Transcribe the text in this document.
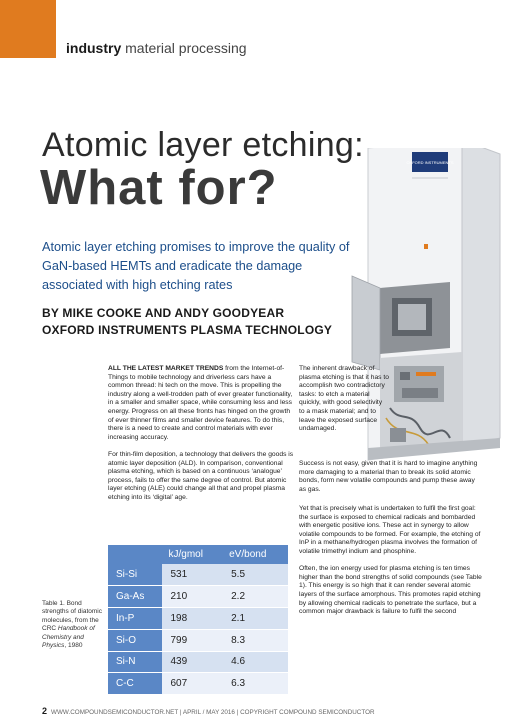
industry material processing
Atomic layer etching:
What for?
Atomic layer etching promises to improve the quality of GaN-based HEMTs and eradicate the damage associated with high etching rates
BY MIKE COOKE AND ANDY GOODYEAR
OXFORD INSTRUMENTS PLASMA TECHNOLOGY
OXFORD INSTRUMENTS

ALL THE LATEST MARKET TRENDS from the Internet-of-Things to mobile technology and driverless cars have a common thread: hi tech on the move. This is propelling the industry along a well-trodden path of ever greater functionality, in a smaller and smaller space, while consuming less and less energy. Progress on all these fronts has hinged on the growth of ever thinner films and smaller device features. To do this, there is a need to create and control materials with ever increasing accuracy.

For thin-film deposition, a technology that delivers the goods is atomic layer deposition (ALD). In comparison, conventional plasma etching, which is based on a continuous ‘analogue’ process, fails to offer the same degree of control. But atomic layer etching (ALE) could change all that and propel plasma etching into its ‘digital’ age.

The inherent drawback of plasma etching is that it has to accomplish two contradictory tasks: to etch a material quickly, with good selectivity to a mask material; and to leave the exposed surface undamaged.

Success is not easy, given that it is hard to imagine anything more damaging to a material than to break its solid atomic bonds, form new volatile compounds and pump these away as gas.

Yet that is precisely what is undertaken to fulfil the first goal: the surface is exposed to chemical radicals and bombarded with energetic positive ions. These act in synergy to allow volatile compounds to be formed. For example, the etching of InP in a methane/hydrogen plasma involves the formation of volatile trimethyl indium and phosphine.

Often, the ion energy used for plasma etching is ten times higher than the bond strengths of solid compounds (see Table 1). This energy is so high that it can render several atomic layers of the surface amorphous. This promotes rapid etching by allowing chemical radicals to penetrate the surface, but a common major drawback is failure to fulfil the second

	kJ/gmol	eV/bond
Si-Si	531	5.5
Ga-As	210	2.2
In-P	198	2.1
Si-O	799	8.3
Si-N	439	4.6
C-C	607	6.3
Table 1. Bond strengths of diatomic molecules, from the CRC Handbook of Chemistry and Physics, 1980
2 WWW.COMPOUNDSEMICONDUCTOR.NET | APRIL / MAY 2016 | COPYRIGHT COMPOUND SEMICONDUCTOR
